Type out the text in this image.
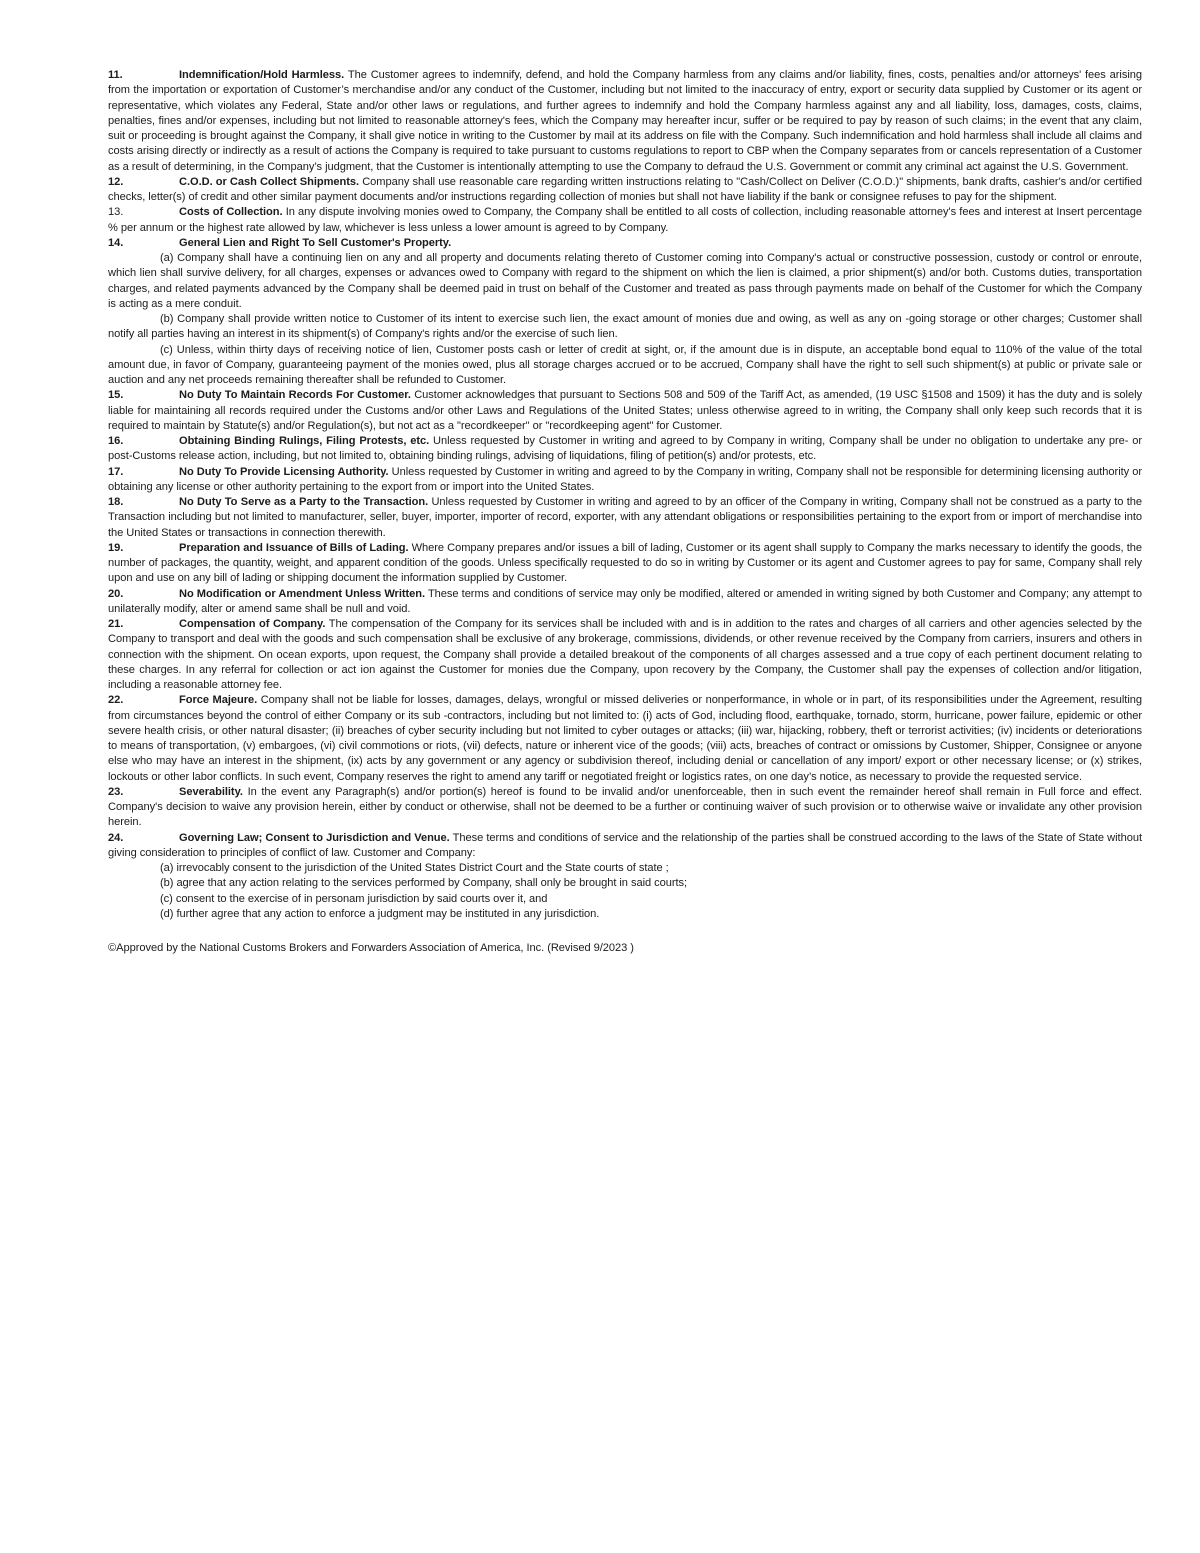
11.	Indemnification/Hold Harmless. The Customer agrees to indemnify, defend, and hold the Company harmless from any claims and/or liability, fines, costs, penalties and/or attorneys' fees arising from the importation or exportation of Customer’s merchandise and/or any conduct of the Customer, including but not limited to the inaccuracy of entry, export or security data supplied by Customer or its agent or representative, which violates any Federal, State and/or other laws or regulations, and further agrees to indemnify and hold the Company harmless against any and all liability, loss, damages, costs, claims, penalties, fines and/or expenses, including but not limited to reasonable attorney's fees, which the Company may hereafter incur, suffer or be required to pay by reason of such claims; in the event that any claim, suit or proceeding is brought against the Company, it shall give notice in writing to the Customer by mail at its address on file with the Company. Such indemnification and hold harmless shall include all claims and costs arising directly or indirectly as a result of actions the Company is required to take pursuant to customs regulations to report to CBP when the Company separates from or cancels representation of a Customer as a result of determining, in the Company’s judgment, that the Customer is intentionally attempting to use the Company to defraud the U.S. Government or commit any criminal act against the U.S. Government.

12.	C.O.D. or Cash Collect Shipments. Company shall use reasonable care regarding written instructions relating to "Cash/Collect on Deliver (C.O.D.)" shipments, bank drafts, cashier's and/or certified checks, letter(s) of credit and other similar payment documents and/or instructions regarding collection of monies but shall not have liability if the bank or consignee refuses to pay for the shipment.

13.	Costs of Collection. In any dispute involving monies owed to Company, the Company shall be entitled to all costs of collection, including reasonable attorney's fees and interest at Insert percentage % per annum or the highest rate allowed by law, whichever is less unless a lower amount is agreed to by Company.

14.	General Lien and Right To Sell Customer's Property.

(a) Company shall have a continuing lien on any and all property and documents relating thereto of Customer coming into Company's actual or constructive possession, custody or control or enroute, which lien shall survive delivery, for all charges, expenses or advances owed to Company with regard to the shipment on which the lien is claimed, a prior shipment(s) and/or both. Customs duties, transportation charges, and related payments advanced by the Company shall be deemed paid in trust on behalf of the Customer and treated as pass through payments made on behalf of the Customer for which the Company is acting as a mere conduit.

(b) Company shall provide written notice to Customer of its intent to exercise such lien, the exact amount of monies due and owing, as well as any on -going storage or other charges; Customer shall notify all parties having an interest in its shipment(s) of Company's rights and/or the exercise of such lien.

(c) Unless, within thirty days of receiving notice of lien, Customer posts cash or letter of credit at sight, or, if the amount due is in dispute, an acceptable bond equal to 110% of the value of the total amount due, in favor of Company, guaranteeing payment of the monies owed, plus all storage charges accrued or to be accrued, Company shall have the right to sell such shipment(s) at public or private sale or auction and any net proceeds remaining thereafter shall be refunded to Customer.

15.	No Duty To Maintain Records For Customer. Customer acknowledges that pursuant to Sections 508 and 509 of the Tariff Act, as amended, (19 USC §1508 and 1509) it has the duty and is solely liable for maintaining all records required under the Customs and/or other Laws and Regulations of the United States; unless otherwise agreed to in writing, the Company shall only keep such records that it is required to maintain by Statute(s) and/or Regulation(s), but not act as a "recordkeeper" or "recordkeeping agent" for Customer.

16.	Obtaining Binding Rulings, Filing Protests, etc. Unless requested by Customer in writing and agreed to by Company in writing, Company shall be under no obligation to undertake any pre- or post-Customs release action, including, but not limited to, obtaining binding rulings, advising of liquidations, filing of petition(s) and/or protests, etc.

17.	No Duty To Provide Licensing Authority. Unless requested by Customer in writing and agreed to by the Company in writing, Company shall not be responsible for determining licensing authority or obtaining any license or other authority pertaining to the export from or import into the United States.

18.	No Duty To Serve as a Party to the Transaction. Unless requested by Customer in writing and agreed to by an officer of the Company in writing, Company shall not be construed as a party to the Transaction including but not limited to manufacturer, seller, buyer, importer, importer of record, exporter, with any attendant obligations or responsibilities pertaining to the export from or import of merchandise into the United States or transactions in connection therewith.

19.	Preparation and Issuance of Bills of Lading. Where Company prepares and/or issues a bill of lading, Customer or its agent shall supply to Company the marks necessary to identify the goods, the number of packages, the quantity, weight, and apparent condition of the goods. Unless specifically requested to do so in writing by Customer or its agent and Customer agrees to pay for same, Company shall rely upon and use on any bill of lading or shipping document the information supplied by Customer.

20.	No Modification or Amendment Unless Written. These terms and conditions of service may only be modified, altered or amended in writing signed by both Customer and Company; any attempt to unilaterally modify, alter or amend same shall be null and void.

21.	Compensation of Company. The compensation of the Company for its services shall be included with and is in addition to the rates and charges of all carriers and other agencies selected by the Company to transport and deal with the goods and such compensation shall be exclusive of any brokerage, commissions, dividends, or other revenue received by the Company from carriers, insurers and others in connection with the shipment. On ocean exports, upon request, the Company shall provide a detailed breakout of the components of all charges assessed and a true copy of each pertinent document relating to these charges. In any referral for collection or act ion against the Customer for monies due the Company, upon recovery by the Company, the Customer shall pay the expenses of collection and/or litigation, including a reasonable attorney fee.

22.	Force Majeure. Company shall not be liable for losses, damages, delays, wrongful or missed deliveries or nonperformance, in whole or in part, of its responsibilities under the Agreement, resulting from circumstances beyond the control of either Company or its sub -contractors, including but not limited to: (i) acts of God, including flood, earthquake, tornado, storm, hurricane, power failure, epidemic or other severe health crisis, or other natural disaster; (ii) breaches of cyber security including but not limited to cyber outages or attacks; (iii) war, hijacking, robbery, theft or terrorist activities; (iv) incidents or deteriorations to means of transportation, (v) embargoes, (vi) civil commotions or riots, (vii) defects, nature or inherent vice of the goods; (viii) acts, breaches of contract or omissions by Customer, Shipper, Consignee or anyone else who may have an interest in the shipment, (ix) acts by any government or any agency or subdivision thereof, including denial or cancellation of any import/ export or other necessary license; or (x) strikes, lockouts or other labor conflicts. In such event, Company reserves the right to amend any tariff or negotiated freight or logistics rates, on one day’s notice, as necessary to provide the requested service.

23.	Severability. In the event any Paragraph(s) and/or portion(s) hereof is found to be invalid and/or unenforceable, then in such event the remainder hereof shall remain in Full force and effect. Company's decision to waive any provision herein, either by conduct or otherwise, shall not be deemed to be a further or continuing waiver of such provision or to otherwise waive or invalidate any other provision herein.

24.	Governing Law; Consent to Jurisdiction and Venue. These terms and conditions of service and the relationship of the parties shall be construed according to the laws of the State of State without giving consideration to principles of conflict of law. Customer and Company:

(a) irrevocably consent to the jurisdiction of the United States District Court and the State courts of state ;

(b) agree that any action relating to the services performed by Company, shall only be brought in said courts;

(c) consent to the exercise of in personam jurisdiction by said courts over it, and

(d) further agree that any action to enforce a judgment may be instituted in any jurisdiction.

©Approved by the National Customs Brokers and Forwarders Association of America, Inc. (Revised 9/2023 )
